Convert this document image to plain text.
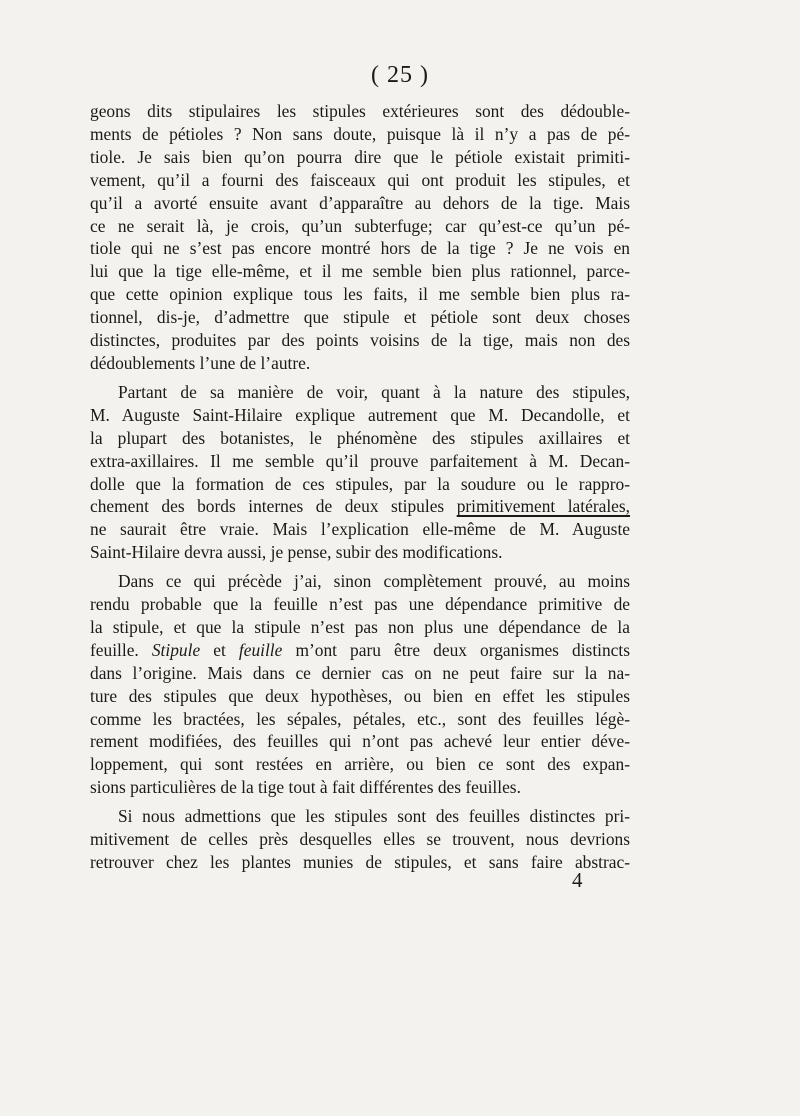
( 25 )
geons dits stipulaires les stipules extérieures sont des dédouble-
ments de pétioles ? Non sans doute, puisque là il n’y a pas de pé-
tiole. Je sais bien qu’on pourra dire que le pétiole existait primiti-
vement, qu’il a fourni des faisceaux qui ont produit les stipules, et
qu’il a avorté ensuite avant d’apparaître au dehors de la tige. Mais
ce ne serait là, je crois, qu’un subterfuge; car qu’est-ce qu’un pé-
tiole qui ne s’est pas encore montré hors de la tige ? Je ne vois en
lui que la tige elle-même, et il me semble bien plus rationnel, parce-
que cette opinion explique tous les faits, il me semble bien plus ra-
tionnel, dis-je, d’admettre que stipule et pétiole sont deux choses
distinctes, produites par des points voisins de la tige, mais non des
dédoublements l’une de l’autre.
Partant de sa manière de voir, quant à la nature des stipules,
M. Auguste Saint-Hilaire explique autrement que M. Decandolle, et
la plupart des botanistes, le phénomène des stipules axillaires et
extra-axillaires. Il me semble qu’il prouve parfaitement à M. Decan-
dolle que la formation de ces stipules, par la soudure ou le rappro-
chement des bords internes de deux stipules primitivement latérales,
ne saurait être vraie. Mais l’explication elle-même de M. Auguste
Saint-Hilaire devra aussi, je pense, subir des modifications.
Dans ce qui précède j’ai, sinon complètement prouvé, au moins
rendu probable que la feuille n’est pas une dépendance primitive de
la stipule, et que la stipule n’est pas non plus une dépendance de la
feuille. Stipule et feuille m’ont paru être deux organismes distincts
dans l’origine. Mais dans ce dernier cas on ne peut faire sur la na-
ture des stipules que deux hypothèses, ou bien en effet les stipules
comme les bractées, les sépales, pétales, etc., sont des feuilles légè-
rement modifiées, des feuilles qui n’ont pas achevé leur entier déve-
loppement, qui sont restées en arrière, ou bien ce sont des expan-
sions particulières de la tige tout à fait différentes des feuilles.
Si nous admettions que les stipules sont des feuilles distinctes pri-
mitivement de celles près desquelles elles se trouvent, nous devrions
retrouver chez les plantes munies de stipules, et sans faire abstrac-
4
